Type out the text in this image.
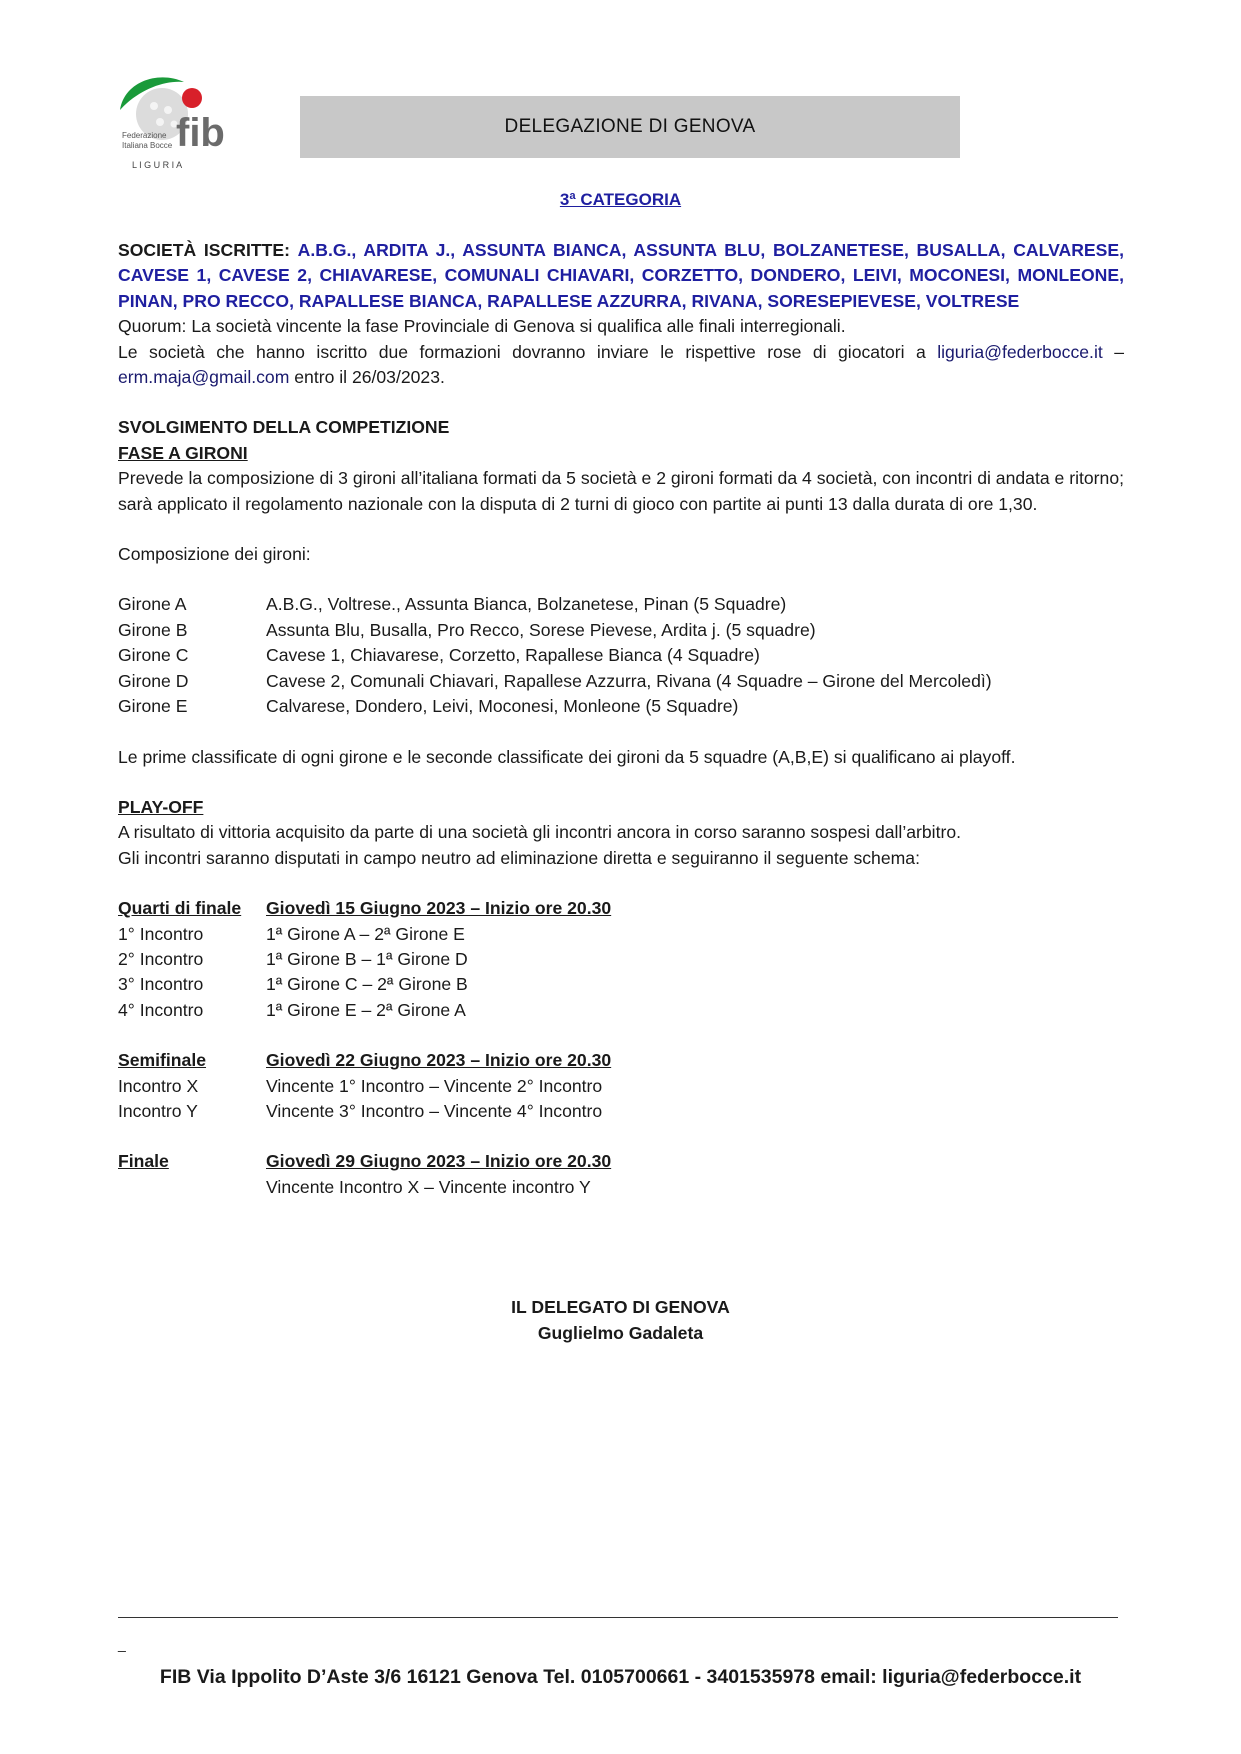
fib
Federazione
Italiana Bocce
L I G U R I A
DELEGAZIONE DI GENOVA
3ª CATEGORIA

SOCIETÀ ISCRITTE: A.B.G., ARDITA J., ASSUNTA BIANCA, ASSUNTA BLU, BOLZANETESE, BUSALLA, CALVARESE, CAVESE 1, CAVESE 2, CHIAVARESE, COMUNALI CHIAVARI, CORZETTO, DONDERO, LEIVI, MOCONESI, MONLEONE, PINAN, PRO RECCO, RAPALLESE BIANCA, RAPALLESE AZZURRA, RIVANA, SORESEPIEVESE, VOLTRESE

Quorum: La società vincente la fase Provinciale di Genova si qualifica alle finali interregionali.

Le società che hanno iscritto due formazioni dovranno inviare le rispettive rose di giocatori a liguria@federbocce.it – erm.maja@gmail.com entro il 26/03/2023.

SVOLGIMENTO DELLA COMPETIZIONE

FASE A GIRONI

Prevede la composizione di 3 gironi all’italiana formati da 5 società e 2 gironi formati da 4 società, con incontri di andata e ritorno; sarà applicato il regolamento nazionale con la disputa di 2 turni di gioco con partite ai punti 13 dalla durata di ore 1,30.

Composizione dei gironi:

Girone A	A.B.G., Voltrese., Assunta Bianca, Bolzanetese, Pinan (5 Squadre)
Girone B	Assunta Blu, Busalla, Pro Recco, Sorese Pievese, Ardita j. (5 squadre)
Girone C	Cavese 1, Chiavarese, Corzetto, Rapallese Bianca (4 Squadre)
Girone D	Cavese 2, Comunali Chiavari, Rapallese Azzurra, Rivana (4 Squadre – Girone del Mercoledì)
Girone E	Calvarese, Dondero, Leivi, Moconesi, Monleone (5 Squadre)

Le prime classificate di ogni girone e le seconde classificate dei gironi da 5 squadre (A,B,E) si qualificano ai playoff.

PLAY-OFF

A risultato di vittoria acquisito da parte di una società gli incontri ancora in corso saranno sospesi dall’arbitro.

Gli incontri saranno disputati in campo neutro ad eliminazione diretta e seguiranno il seguente schema:

Quarti di finale	Giovedì 15 Giugno 2023 – Inizio ore 20.30
1° Incontro	1ª Girone A – 2ª Girone E
2° Incontro	1ª Girone B – 1ª Girone D
3° Incontro	1ª Girone C – 2ª Girone B
4° Incontro	1ª Girone E – 2ª Girone A
Semifinale	Giovedì 22 Giugno 2023 – Inizio ore 20.30
Incontro X	Vincente 1° Incontro – Vincente 2° Incontro
Incontro Y	Vincente 3° Incontro – Vincente 4° Incontro
Finale	Giovedì 29 Giugno 2023 – Inizio ore 20.30
Vincente Incontro X – Vincente incontro Y
IL DELEGATO DI GENOVA
Guglielmo Gadaleta
_
FIB Via Ippolito D’Aste 3/6 16121 Genova Tel. 0105700661 - 3401535978 email: liguria@federbocce.it
